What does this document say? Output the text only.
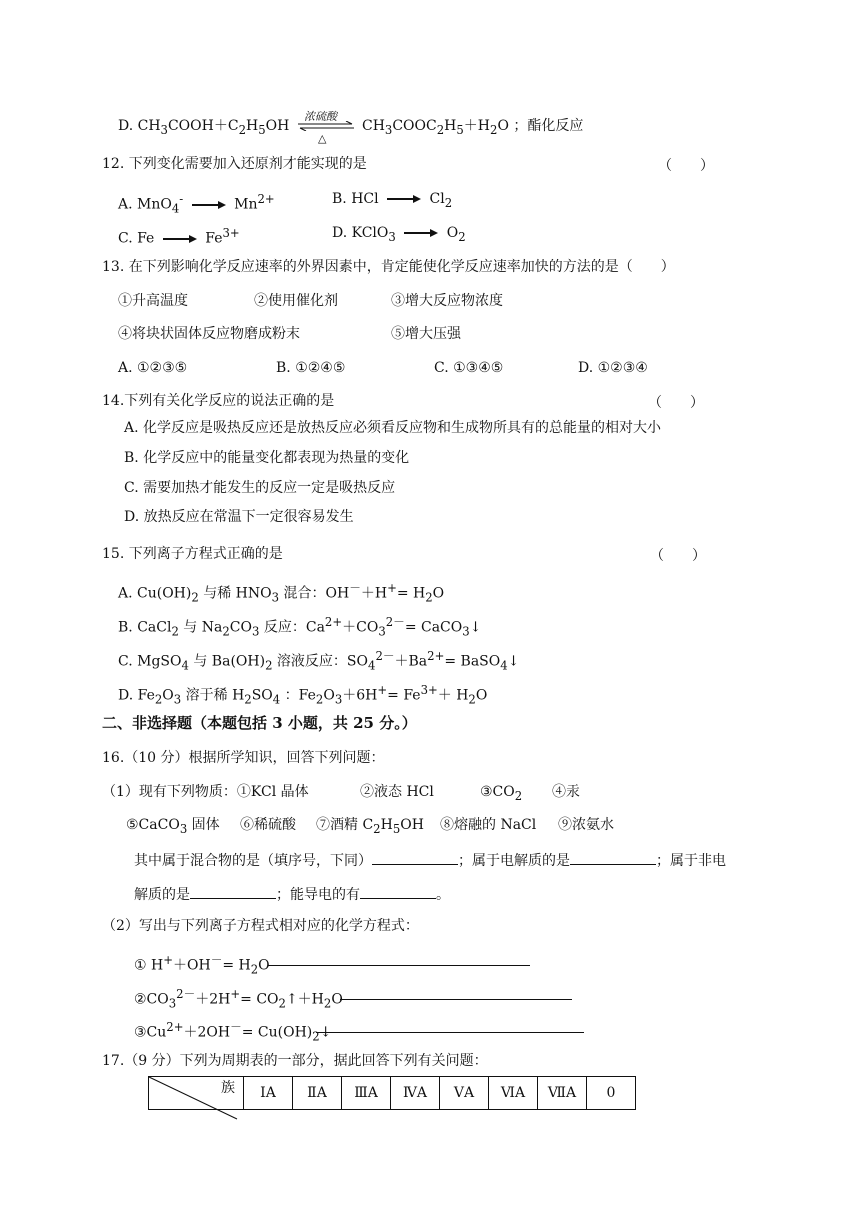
D. $CH_3COOH+C_2H_5OH$
浓硫酸
△
$CH_3COOC_2H_5+H_2O$ ；酯化反应
12. 下列变化需要加入还原剂才能实现的是	（　　）
A. MnO$_4$-	$Mn^{2+}$	B. HCl	$Cl_2$
C. Fe	$Fe^{3+}$	D. KClO$_3$	$O_2$
13. 在下列影响化学反应速率的外界因素中，肯定能使化学反应速率加快的方法的是（　　）
①升高温度	②使用催化剂	③增大反应物浓度
④将块状固体反应物磨成粉末	⑤增大压强
A. ①②③⑤	B. ①②④⑤	C. ①③④⑤	D. ①②③④
14.下列有关化学反应的说法正确的是	（　　）
A. 化学反应是吸热反应还是放热反应必须看反应物和生成物所具有的总能量的相对大小
B. 化学反应中的能量变化都表现为热量的变化
C. 需要加热才能发生的反应一定是吸热反应
D. 放热反应在常温下一定很容易发生
15. 下列离子方程式正确的是	（　　）
A. $Cu(OH)_2$ 与稀 $HNO_3$ 混合：$OH^-+H^+= H_2O$
B. CaCl$_2$ 与 $Na_2CO_3$ 反应：$Ca^{2+}+CO_3^{2-}=$ CaCO$_3$↓
C. MgSO$_4$ 与 $Ba(OH)_2$ 溶液反应：$SO_4^{2-}+Ba^{2+}=$ BaSO$_4$↓
D. $Fe_2O_3$ 溶于稀 $H_2SO_4$ ：$Fe_2O_3+6H^+= Fe^{3+}+ H_2O$
二、非选择题（本题包括 3 小题，共 25 分。）
16.（10 分）根据所学知识，回答下列问题：
（1）现有下列物质：①KCl 晶体	②液态 HCl	$③CO_2$ ④汞
⑤CaCO$_3$ 固体 ⑥稀硫酸 ⑦酒精 $C_2H_5OH$ ⑧熔融的 NaCl ⑨浓氨水
其中属于混合物的是（填序号，下同）	；属于电解质的是	；属于非电
解质的是	；能导电的有	。
（2）写出与下列离子方程式相对应的化学方程式：
① $H^++OH^-= H_2O$
$②CO_3^{2-}+2H^+=$ $CO_2↑+H_2O$
$③Cu^{2+}+2OH^-=$ $Cu(OH)_2↓$
17.（9 分）下列为周期表的一部分，据此回答下列有关问题：
族	ⅠA	ⅡA	ⅢA	ⅣA	ⅤA	ⅥA	ⅦA	0
